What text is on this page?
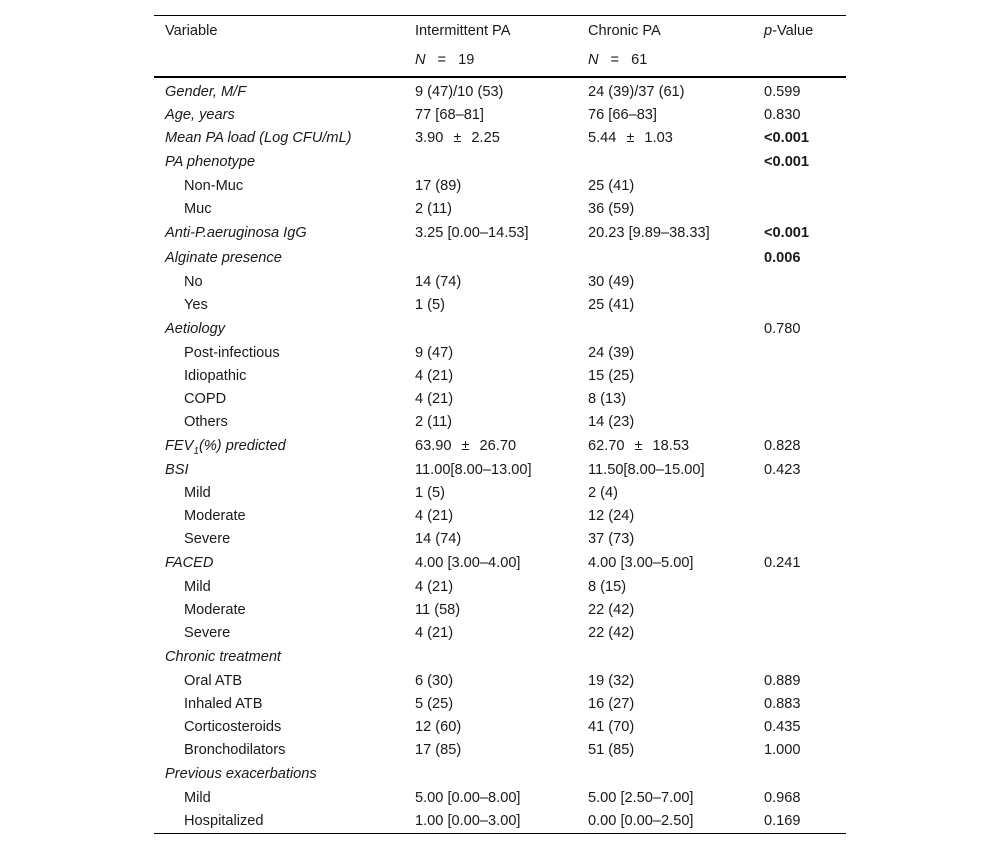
Variable	Intermittent PA	Chronic PA	p-Value
	N = 19	N = 61	
Gender, M/F	9 (47)/10 (53)	24 (39)/37 (61)	0.599
Age, years	77 [68–81]	76 [66–83]	0.830
Mean PA load (Log CFU/mL)	3.90 ± 2.25	5.44 ± 1.03	<0.001
PA phenotype			<0.001
Non-Muc	17 (89)	25 (41)	
Muc	2 (11)	36 (59)	
Anti-P.aeruginosa IgG	3.25 [0.00–14.53]	20.23 [9.89–38.33]	<0.001
Alginate presence			0.006
No	14 (74)	30 (49)	
Yes	1 (5)	25 (41)	
Aetiology			0.780
Post-infectious	9 (47)	24 (39)	
Idiopathic	4 (21)	15 (25)	
COPD	4 (21)	8 (13)	
Others	2 (11)	14 (23)	
$FEV_1(\%)$ predicted	63.90 ± 26.70	62.70 ± 18.53	0.828
BSI	11.00[8.00–13.00]	11.50[8.00–15.00]	0.423
Mild	1 (5)	2 (4)	
Moderate	4 (21)	12 (24)	
Severe	14 (74)	37 (73)	
FACED	4.00 [3.00–4.00]	4.00 [3.00–5.00]	0.241
Mild	4 (21)	8 (15)	
Moderate	11 (58)	22 (42)	
Severe	4 (21)	22 (42)	
Chronic treatment			
Oral ATB	6 (30)	19 (32)	0.889
Inhaled ATB	5 (25)	16 (27)	0.883
Corticosteroids	12 (60)	41 (70)	0.435
Bronchodilators	17 (85)	51 (85)	1.000
Previous exacerbations			
Mild	5.00 [0.00–8.00]	5.00 [2.50–7.00]	0.968
Hospitalized	1.00 [0.00–3.00]	0.00 [0.00–2.50]	0.169
